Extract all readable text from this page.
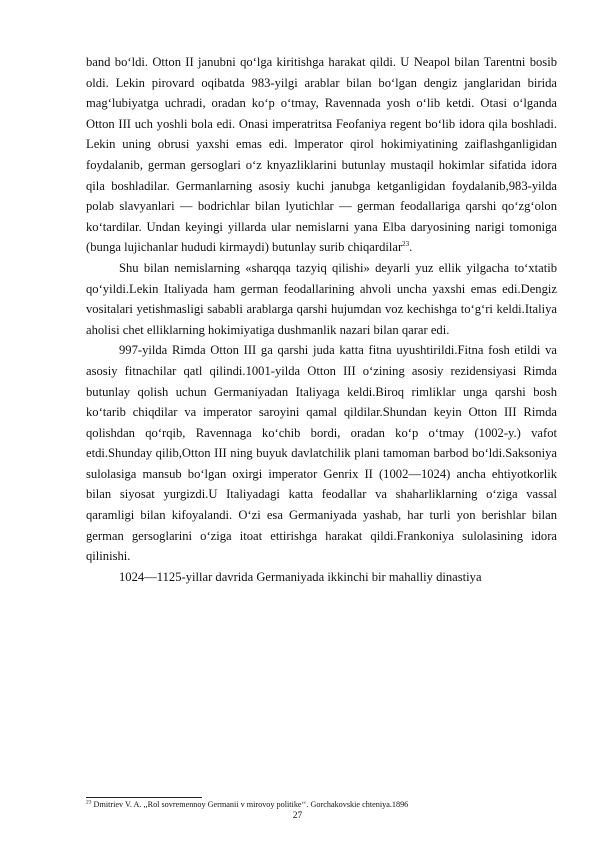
band bo‘ldi. Otton II janubni qo‘lga kiritishga harakat qildi. U Neapol bilan Tarentni bosib oldi. Lekin pirovard oqibatda 983-yilgi arablar bilan bo‘lgan dengiz janglaridan birida mag‘lubiyatga uchradi, oradan ko‘p o‘tmay, Ravennada yosh o‘lib ketdi. Otasi o‘lganda Otton III uch yoshli bola edi. Onasi imperatritsa Feofaniya regent bo‘lib idora qila boshladi. Lekin uning obrusi yaxshi emas edi. lmperator qirol hokimiyatining zaiflashganligidan foydalanib, german gersoglari o‘z knyazliklarini butunlay mustaqil hokimlar sifatida idora qila boshladilar. Germanlarning asosiy kuchi janubga ketganligidan foydalanib,983-yilda polab slavyanlari — bodrichlar bilan lyutichlar — german feodallariga qarshi qo‘zg‘olon ko‘tardilar. Undan keyingi yillarda ular nemislarni yana Elba daryosining narigi tomoniga (bunga lujichanlar hududi kirmaydi) butunlay surib chiqardilar$^{23}$.

Shu bilan nemislarning «sharqqa tazyiq qilishi» deyarli yuz ellik yilgacha to‘xtatib qo‘yildi.Lekin Italiyada ham german feodallarining ahvoli uncha yaxshi emas edi.Dengiz vositalari yetishmasligi sababli arablarga qarshi hujumdan voz kechishga to‘g‘ri keldi.Italiya aholisi chet elliklarning hokimiyatiga dushmanlik nazari bilan qarar edi.

997-yilda Rimda Otton III ga qarshi juda katta fitna uyushtirildi.Fitna fosh etildi va asosiy fitnachilar qatl qilindi.1001-yilda Otton III o‘zining asosiy rezidensiyasi Rimda butunlay qolish uchun Germaniyadan Italiyaga keldi.Biroq rimliklar unga qarshi bosh ko‘tarib chiqdilar va imperator saroyini qamal qildilar.Shundan keyin Otton III Rimda qolishdan qo‘rqib, Ravennaga ko‘chib bordi, oradan ko‘p o‘tmay (1002-y.) vafot etdi.Shunday qilib,Otton III ning buyuk davlatchilik plani tamoman barbod bo‘ldi.Saksoniya sulolasiga mansub bo‘lgan oxirgi imperator Genrix II (1002—1024) ancha ehtiyotkorlik bilan siyosat yurgizdi.U Italiyadagi katta feodallar va shaharliklarning o‘ziga vassal qaramligi bilan kifoyalandi. O‘zi esa Germaniyada yashab, har turli yon berishlar bilan german gersoglarini o‘ziga itoat ettirishga harakat qildi.Frankoniya sulolasining idora qilinishi.

1024—1125-yillar davrida Germaniyada ikkinchi bir mahalliy dinastiya

$^{23}$ Dmitriev V. A. ,,Rol sovremennoy Germanii v mirovoy politike‘‘. Gorchakovskie chteniya.1896
27
